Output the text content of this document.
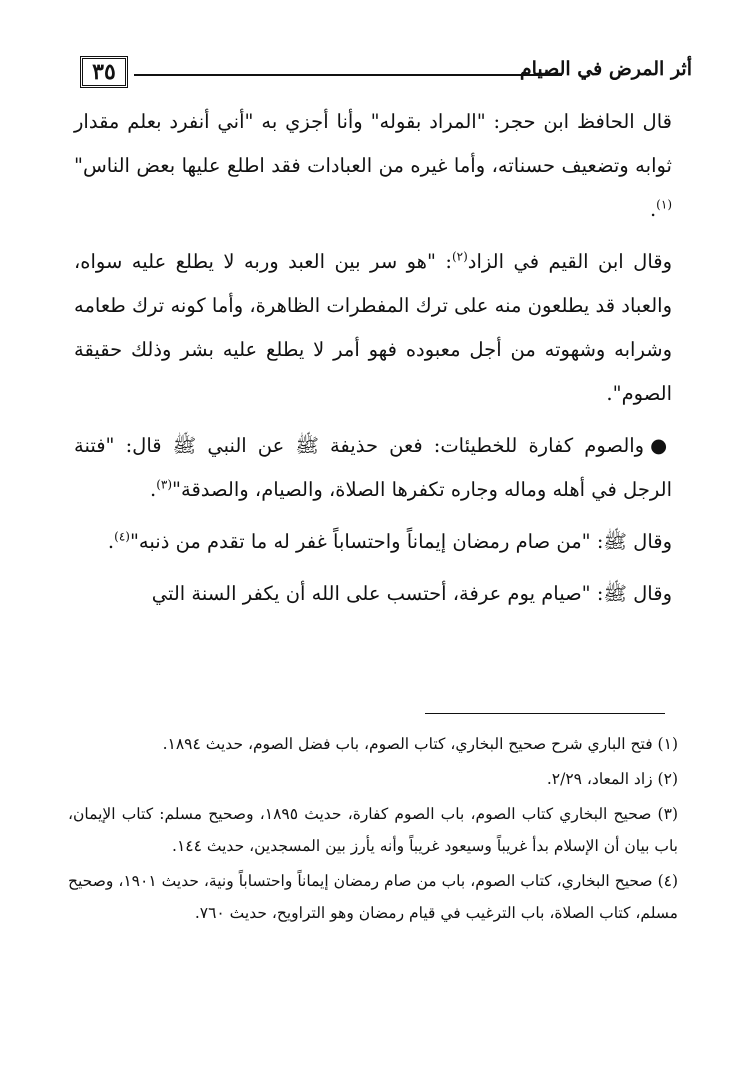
٣٥	أثر المرض في الصيام

قال الحافظ ابن حجر: "المراد بقوله" وأنا أجزي به "أني أنفرد بعلم مقدار ثوابه وتضعيف حسناته، وأما غيره من العبادات فقد اطلع عليها بعض الناس"$^{(١)}$.

وقال ابن القيم في الزاد$^{(٢)}$: "هو سر بين العبد وربه لا يطلع عليه سواه، والعباد قد يطلعون منه على ترك المفطرات الظاهرة، وأما كونه ترك طعامه وشرابه وشهوته من أجل معبوده فهو أمر لا يطلع عليه بشر وذلك حقيقة الصوم".

●والصوم كفارة للخطيئات: فعن حذيفة ﷺ عن النبي ﷺ قال: "فتنة الرجل في أهله وماله وجاره تكفرها الصلاة، والصيام، والصدقة"$^{(٣)}$.

وقال ﷺ: "من صام رمضان إيماناً واحتساباً غفر له ما تقدم من ذنبه"$^{(٤)}$.

وقال ﷺ: "صيام يوم عرفة، أحتسب على الله أن يكفر السنة التي

(١) فتح الباري شرح صحيح البخاري، كتاب الصوم، باب فضل الصوم، حديث ١٨٩٤.

(٢) زاد المعاد، ٢/٢٩.

(٣) صحيح البخاري كتاب الصوم، باب الصوم كفارة، حديث ١٨٩٥، وصحيح مسلم: كتاب الإيمان، باب بيان أن الإسلام بدأ غريباً وسيعود غريباً وأنه يأرز بين المسجدين، حديث ١٤٤.

(٤) صحيح البخاري، كتاب الصوم، باب من صام رمضان إيماناً واحتساباً ونية، حديث ١٩٠١، وصحيح مسلم، كتاب الصلاة، باب الترغيب في قيام رمضان وهو التراويح، حديث ٧٦٠.
